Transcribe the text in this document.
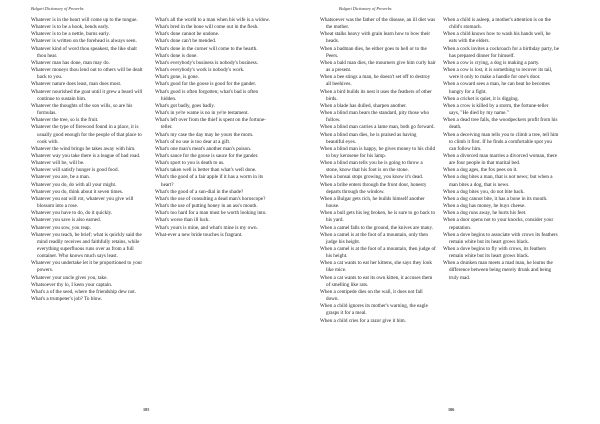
Bulgari Dictionary of Proverbs
Whatever is in the heart will come up to the tongue.
Whatever is to be a hook, bends early.
Whatever is to be a nettle, burns early.
Whatever is written on the forehead is always seen.
Whatever kind of word thou speakest, the like shalt thou hear.
Whatever man has done, man may do.
Whatever moneys thou lend out to others will be dealt back to you.
Whatever nature does least, man does most.
Whatever nourished the goat until it grew a beard will continue to sustain him.
Whatever the thoughts of the son wills, so are his formulas.
Whatever the tree, so is the fruit.
Whatever the type of firewood found in a place, it is usually good enough for the people of that place to cook with.
Whatever the wind brings he takes away with him.
Whatever way you take there is a league of bad road.
Whatever will be, will be.
Whatever will satisfy hunger is good food.
Whatever you are, be a man.
Whatever you do, do with all your might.
Whatever you do, think about it seven times.
Whatever you eat will rot, whatever you give will blossom into a rose.
Whatever you have to do, do it quickly.
Whatever you save is also earned.
Whatever you sow, you reap.
Whatever you teach, be brief; what is quickly said the mind readily receives and faithfully retains, while everything superfluous runs over as from a full container. Who knows much says least.
Whatever you undertake let it be proportioned to your powers.
Whatever your uncle gives you, take.
Whatsoever thy lo, I keen your captain.
What's a of the seed, where the friendship dew not.
What's a trumpeter's job? To blow.
What's all the world to a man when his wife is a widow.
What's bred in the bone will come out in the flesh.
What's done cannot be undone.
What's done can't be mended.
What's done in the corner will come to the hearth.
What's done is done.
What's everybody's business is nobody's business.
What's everybody's work is nobody's work.
What's gone, is gone.
What's good for the goose is good for the gander.
What's good is often forgotten; what's bad is often hidden.
What's got badly, goes badly.
What's in ye're wame is no in ye're testament.
What's left over from the thief is spent on the fortune-teller.
What's my case the day may be yours the morn.
What's of no use is too dear at a gift.
What's one man's meat's another man's poison.
What's sauce for the goose is sauce for the gander.
What's sport to you is death to us.
What's taken well is better than what's well done.
What's the good of a fair apple if it has a worm in its heart?
What's the good of a sun-dial in the shade?
What's the use of consulting a dead man's horoscope?
What's the use of putting honey in an ass's mouth.
What's too hard for a man must be worth looking into.
What's worse than ill luck.
What's yours is mine, and what's mine is my own.
What-ever a new bride touches is fragrant.
105
Bulgari Dictionary of Proverbs
Whatsoever was the father of the disease, an ill diet was the mother.
Wheat stalks heavy with grain learn how to bow their heads.
When a badman dies, he either goes to hell or to the Peers.
When a bald man dies, the mourners give him curly hair as a present.
When a bee stings a man, he doesn't set off to destroy all beehives.
When a bird builds its nest it uses the feathers of other birds.
When a blade has dulled, sharpen another.
When a blind man bears the standard, pity those who follow.
When a blind man carries a lame man, both go forward.
When a blind man dies, he is praised as having beautiful eyes.
When a blind man is happy, he gives money to his child to buy kerosene for his lamp.
When a blind man tells you he is going to throw a stone, know that his foot is on the stone.
When a bonsai stops growing, you know it's dead.
When a bribe enters through the front door, honesty departs through the window.
When a Bulgar gets rich, he builds himself another house.
When a bull gets his leg broken, he is sure to go back to his yard.
When a camel falls to the ground, the knives are many.
When a camel is at the foot of a mountain, only then judge his height.
When a camel is at the foot of a mountain, then judge of his height.
When a cat wants to eat her kittens, she says they look like mice.
When a cat wants to eat its own kitten, it accuses them of smelling like rats.
When a centipede dies on the wall, it does not fall down.
When a child ignores its mother's warning, the eagle grasps it for a meal.
When a child cries for a razor give it him.
When a child is asleep, a mother's attention is on the child's stomach.
When a child knows how to wash his hands well, he eats with the elders.
When a cock invites a cockroach for a birthday party, he has prepared dinner for himself.
When a cow is crying, a dog is making a party.
When a cow is lost, it is something to recover its tail, were it only to make a handle for one's door.
When a coward sees a man, he can beat he becomes hungry for a fight.
When a cricket is quiet, it is digging.
When a crow is killed by a storm, the fortune-teller says, "He died by my name."
When a dead tree falls, the woodpeckers profit from his death.
When a deceiving man tells you to climb a tree, tell him to climb it first. If he finds a comfortable spot you can follow him.
When a divorced man marries a divorced woman, there are four people in that marital bed.
When a dog ages, the fox pees on it.
When a dog bites a man, that is not news; but when a man bites a dog, that is news.
When a dog bites you, do not bite back.
When a dog cannot bite, it has a bone in its mouth.
When a dog has money, he buys cheese.
When a dog runs away, he hurts his feet.
When a door opens not to your knocks, consider your reputation.
When a dove begins to associate with crows its feathers remain white but its heart grows black.
When a dove begins to fly with crows, its feathers remain white but its heart grows black.
When a drunken man meets a mad man, he learns the difference between being merely drunk and being truly mad.
106
